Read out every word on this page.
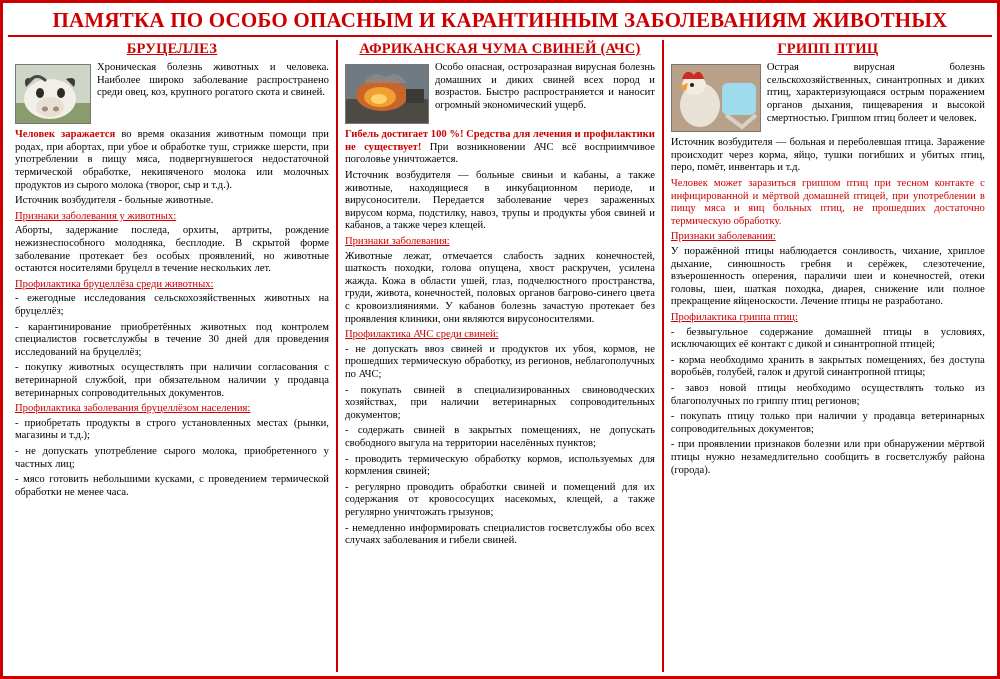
ПАМЯТКА ПО ОСОБО ОПАСНЫМ И КАРАНТИННЫМ ЗАБОЛЕВАНИЯМ ЖИВОТНЫХ
БРУЦЕЛЛЕЗ

Хроническая болезнь животных и человека. Наиболее широко заболевание распространено среди овец, коз, крупного рогатого скота и свиней.

Человек заражается во время оказания животным помощи при родах, при абортах, при убое и обработке туш, стрижке шерсти, при употреблении в пищу мяса, подвергнувшегося недостаточной термической обработке, некипяченого молока или молочных продуктов из сырого молока (творог, сыр и т.д.).

Источник возбудителя - больные животные.

Признаки заболевания у животных:

Аборты, задержание последа, орхиты, артриты, рождение нежизнеспособного молодняка, бесплодие. В скрытой форме заболевание протекает без особых проявлений, но животные остаются носителями бруцелл в течение нескольких лет.

Профилактика бруцеллёза среди животных:

- ежегодные исследования сельскохозяйственных животных на бруцеллёз;

- карантинирование приобретённых животных под контролем специалистов госветслужбы в течение 30 дней для проведения исследований на бруцеллёз;

- покупку животных осуществлять при наличии согласования с ветеринарной службой, при обязательном наличии у продавца ветеринарных сопроводительных документов.

Профилактика заболевания бруцеллёзом населения:

- приобретать продукты в строго установленных местах (рынки, магазины и т.д.);

- не допускать употребление сырого молока, приобретенного у частных лиц;

- мясо готовить небольшими кусками, с проведением термической обработки не менее часа.

АФРИКАНСКАЯ ЧУМА СВИНЕЙ (АЧС)

Особо опасная, острозаразная вирусная болезнь домашних и диких свиней всех пород и возрастов. Быстро распространяется и наносит огромный экономический ущерб.

Гибель достигает 100 %! Средства для лечения и профилактики не существует! При возникновении АЧС всё восприимчивое поголовье уничтожается.

Источник возбудителя — больные свиньи и кабаны, а также животные, находящиеся в инкубационном периоде, и вирусоносители. Передается заболевание через зараженных вирусом корма, подстилку, навоз, трупы и продукты убоя свиней и кабанов, а также через клещей.

Признаки заболевания:

Животные лежат, отмечается слабость задних конечностей, шаткость походки, голова опущена, хвост раскручен, усилена жажда. Кожа в области ушей, глаз, подчелюстного пространства, груди, живота, конечностей, половых органов багрово-синего цвета с кровоизлияниями. У кабанов болезнь зачастую протекает без проявления клиники, они являются вирусоносителями.

Профилактика АЧС среди свиней:

- не допускать ввоз свиней и продуктов их убоя, кормов, не прошедших термическую обработку, из регионов, неблагополучных по АЧС;

- покупать свиней в специализированных свиноводческих хозяйствах, при наличии ветеринарных сопроводительных документов;

- содержать свиней в закрытых помещениях, не допускать свободного выгула на территории населённых пунктов;

- проводить термическую обработку кормов, используемых для кормления свиней;

- регулярно проводить обработки свиней и помещений для их содержания от кровососущих насекомых, клещей, а также регулярно уничтожать грызунов;

- немедленно информировать специалистов госветслужбы обо всех случаях заболевания и гибели свиней.

ГРИПП ПТИЦ

Острая вирусная болезнь сельскохозяйственных, синантропных и диких птиц, характеризующаяся острым поражением органов дыхания, пищеварения и высокой смертностью. Гриппом птиц болеет и человек.

Источник возбудителя — больная и переболевшая птица. Заражение происходит через корма, яйцо, тушки погибших и убитых птиц, перо, помёт, инвентарь и т.д.

Человек может заразиться гриппом птиц при тесном контакте с инфицированной и мёртвой домашней птицей, при употреблении в пищу мяса и яиц больных птиц, не прошедших достаточно термическую обработку.

Признаки заболевания:

У поражённой птицы наблюдается сонливость, чихание, хриплое дыхание, синюшность гребня и серёжек, слезотечение, взъерошенность оперения, параличи шеи и конечностей, отеки головы, шеи, шаткая походка, диарея, снижение или полное прекращение яйценоскости. Лечение птицы не разработано.

Профилактика гриппа птиц:

- безвыгульное содержание домашней птицы в условиях, исключающих её контакт с дикой и синантропной птицей;

- корма необходимо хранить в закрытых помещениях, без доступа воробьёв, голубей, галок и другой синантропной птицы;

- завоз новой птицы необходимо осуществлять только из благополучных по гриппу птиц регионов;

- покупать птицу только при наличии у продавца ветеринарных сопроводительных документов;

- при проявлении признаков болезни или при обнаружении мёртвой птицы нужно незамедлительно сообщить в госветслужбу района (города).
